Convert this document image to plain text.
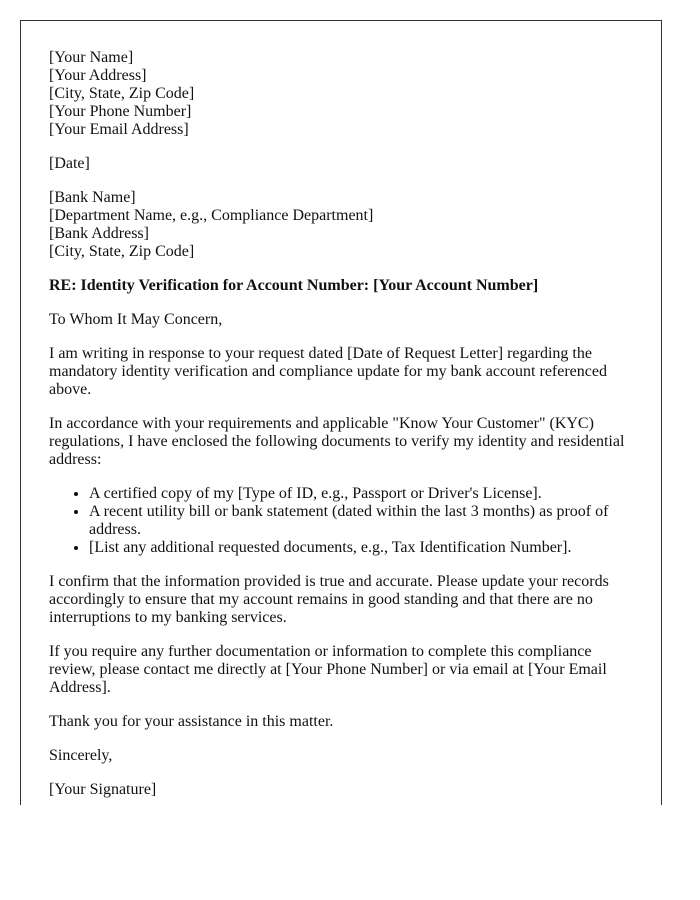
[Your Name]
[Your Address]
[City, State, Zip Code]
[Your Phone Number]
[Your Email Address]

[Date]

[Bank Name]
[Department Name, e.g., Compliance Department]
[Bank Address]
[City, State, Zip Code]

RE: Identity Verification for Account Number: [Your Account Number]

To Whom It May Concern,

I am writing in response to your request dated [Date of Request Letter] regarding the mandatory identity verification and compliance update for my bank account referenced above.

In accordance with your requirements and applicable "Know Your Customer" (KYC) regulations, I have enclosed the following documents to verify my identity and residential address:

• A certified copy of my [Type of ID, e.g., Passport or Driver's License].
• A recent utility bill or bank statement (dated within the last 3 months) as proof of address.
• [List any additional requested documents, e.g., Tax Identification Number].

I confirm that the information provided is true and accurate. Please update your records accordingly to ensure that my account remains in good standing and that there are no interruptions to my banking services.

If you require any further documentation or information to complete this compliance review, please contact me directly at [Your Phone Number] or via email at [Your Email Address].

Thank you for your assistance in this matter.

Sincerely,

[Your Signature]
